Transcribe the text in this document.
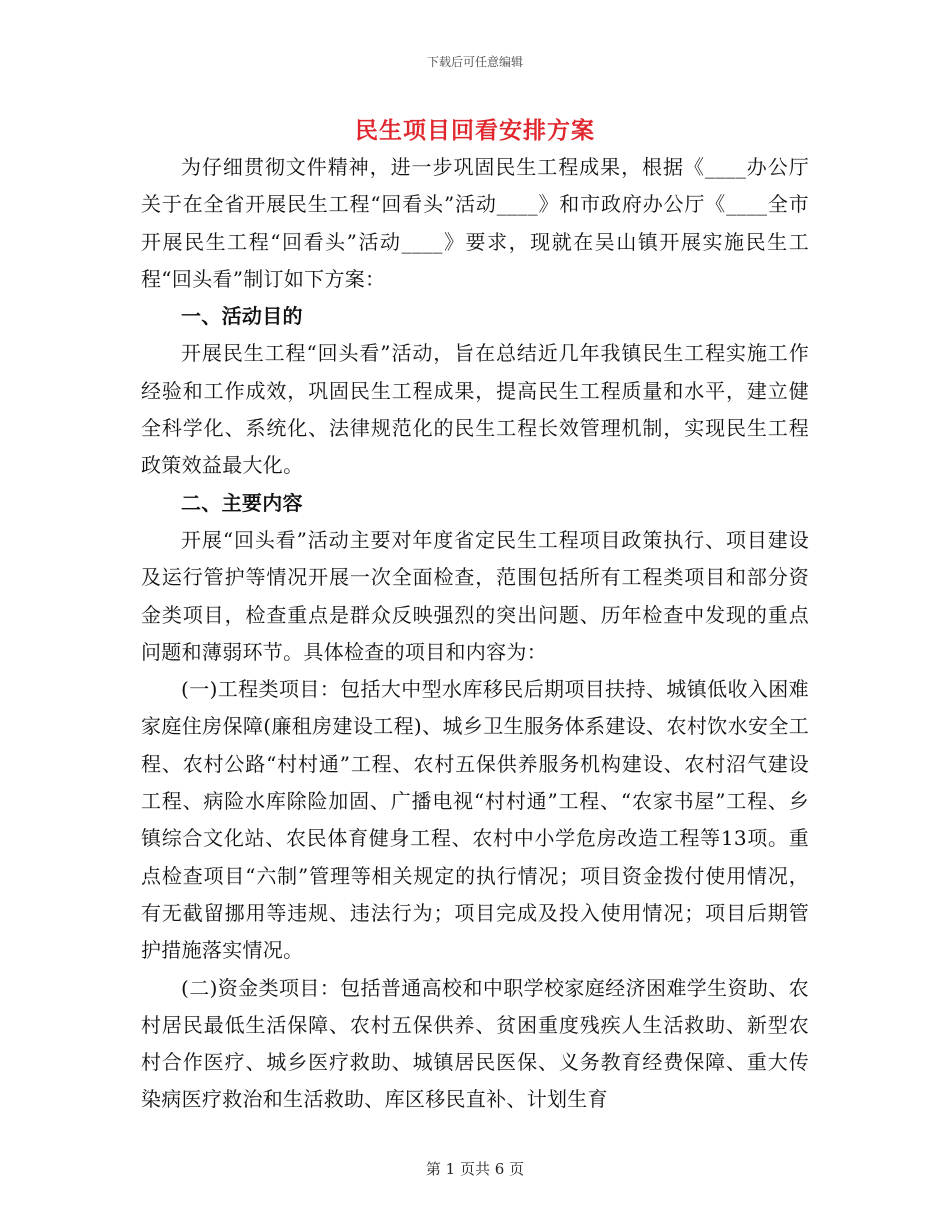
下载后可任意编辑
民生项目回看安排方案

为仔细贯彻文件精神，进一步巩固民生工程成果，根据《____办公厅关于在全省开展民生工程“回看头”活动____》和市政府办公厅《____全市开展民生工程“回看头”活动____》要求，现就在吴山镇开展实施民生工程“回头看”制订如下方案：

一、活动目的

开展民生工程“回头看”活动，旨在总结近几年我镇民生工程实施工作经验和工作成效，巩固民生工程成果，提高民生工程质量和水平，建立健全科学化、系统化、法律规范化的民生工程长效管理机制，实现民生工程政策效益最大化。

二、主要内容

开展“回头看”活动主要对年度省定民生工程项目政策执行、项目建设及运行管护等情况开展一次全面检查，范围包括所有工程类项目和部分资金类项目，检查重点是群众反映强烈的突出问题、历年检查中发现的重点问题和薄弱环节。具体检查的项目和内容为：

(一)工程类项目：包括大中型水库移民后期项目扶持、城镇低收入困难家庭住房保障(廉租房建设工程)、城乡卫生服务体系建设、农村饮水安全工程、农村公路“村村通”工程、农村五保供养服务机构建设、农村沼气建设工程、病险水库除险加固、广播电视“村村通”工程、“农家书屋”工程、乡镇综合文化站、农民体育健身工程、农村中小学危房改造工程等13项。重点检查项目“六制”管理等相关规定的执行情况；项目资金拨付使用情况，有无截留挪用等违规、违法行为；项目完成及投入使用情况；项目后期管护措施落实情况。

(二)资金类项目：包括普通高校和中职学校家庭经济困难学生资助、农村居民最低生活保障、农村五保供养、贫困重度残疾人生活救助、新型农村合作医疗、城乡医疗救助、城镇居民医保、义务教育经费保障、重大传染病医疗救治和生活救助、库区移民直补、计划生育

第 1 页共 6 页
